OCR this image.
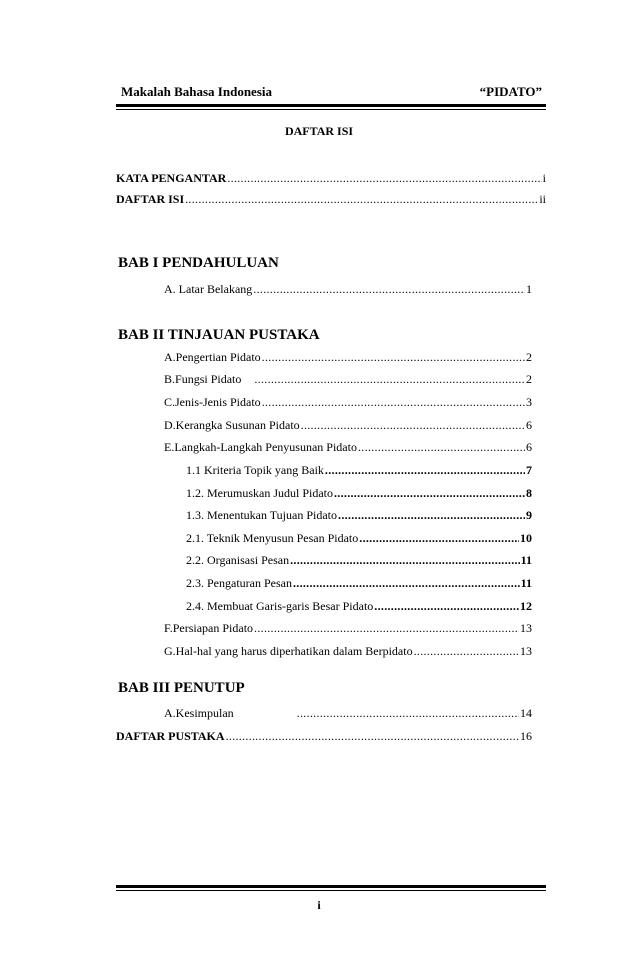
Makalah Bahasa Indonesia	“PIDATO”
DAFTAR ISI
KATA PENGANTAR .....	i
DAFTAR ISI .....	ii
BAB I PENDAHULUAN
A. Latar Belakang .....	1
BAB II TINJAUAN PUSTAKA
A. Pengertian Pidato .....	2
B. Fungsi Pidato .....	2
C. Jenis-Jenis Pidato .....	3
D. Kerangka Susunan Pidato .....	6
E. Langkah-Langkah Penyusunan Pidato .....	6
1.1 Kriteria Topik yang Baik .....	7
1.2. Merumuskan Judul Pidato .....	8
1.3. Menentukan Tujuan Pidato .....	9
2.1. Teknik Menyusun Pesan Pidato .....	10
2.2. Organisasi Pesan .....	11
2.3. Pengaturan Pesan .....	11
2.4. Membuat Garis-garis Besar Pidato .....	12
F. Persiapan Pidato .....	13
G. Hal-hal yang harus diperhatikan dalam Berpidato .....	13
BAB III PENUTUP
A. Kesimpulan .....	14
DAFTAR PUSTAKA .....	16
i
